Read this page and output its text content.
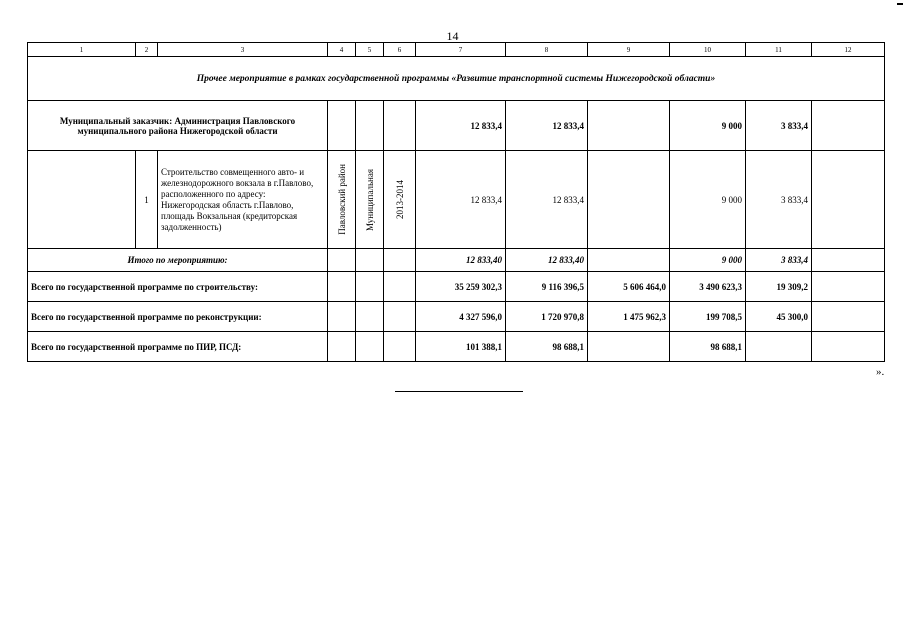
14
1	2	3	4	5	6	7	8	9	10	11	12
Прочее мероприятие в рамках государственной программы «Развитие транспортной системы Нижегородской области»											
Муниципальный заказчик: Администрация Павловского муниципального района Нижегородской области						12 833,4	12 833,4		9 000	3 833,4	
	1	Строительство совмещенного авто- и железнодорожного вокзала в г.Павлово, расположенного по адресу: Нижегородская область г.Павлово, площадь Вокзальная (кредиторская задолженность)	Павловский район	Муниципальная	2013-2014	12 833,4	12 833,4		9 000	3 833,4	
Итого по мероприятию:						12 833,40	12 833,40		9 000	3 833,4	
Всего по государственной программе по строительству:						35 259 302,3	9 116 396,5	5 606 464,0	3 490 623,3	19 309,2	
Всего по государственной программе по реконструкции:						4 327 596,0	1 720 970,8	1 475 962,3	199 708,5	45 300,0	
Всего по государственной программе по ПИР, ПСД:						101 388,1	98 688,1		98 688,1		
».
